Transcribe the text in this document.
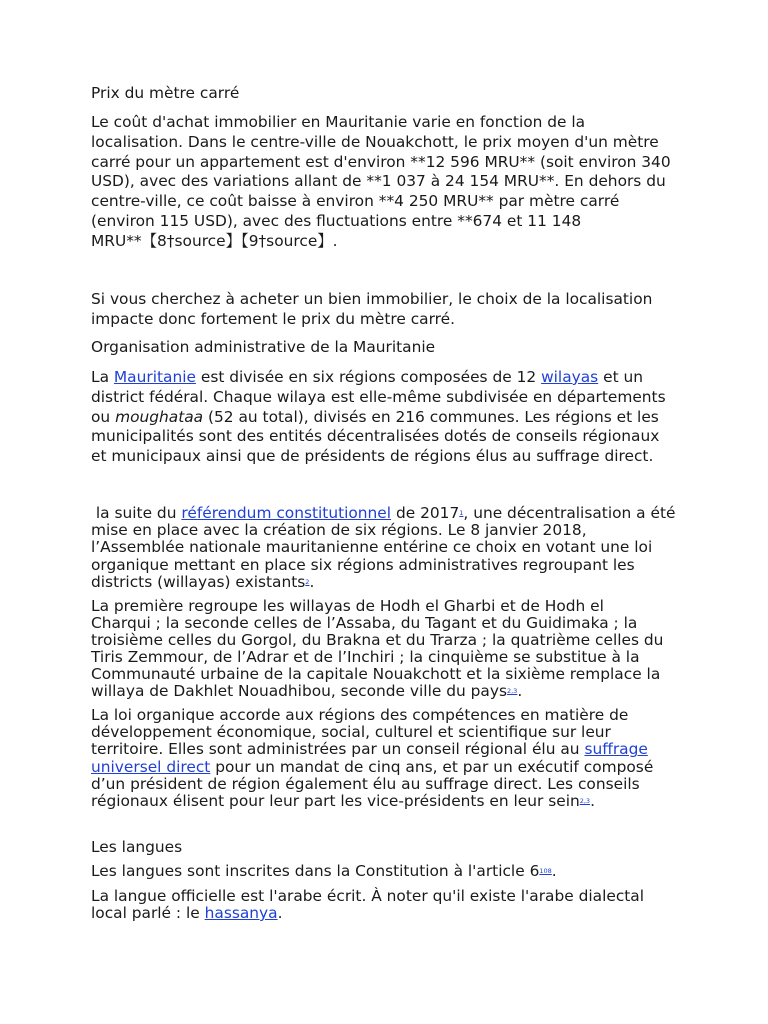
Prix du mètre carré

Le coût d'achat immobilier en Mauritanie varie en fonction de la localisation. Dans le centre-ville de Nouakchott, le prix moyen d'un mètre carré pour un appartement est d'environ **12 596 MRU** (soit environ 340 USD), avec des variations allant de **1 037 à 24 154 MRU**. En dehors du centre-ville, ce coût baisse à environ **4 250 MRU** par mètre carré (environ 115 USD), avec des fluctuations entre **674 et 11 148 MRU**【8†source】【9†source】.

Si vous cherchez à acheter un bien immobilier, le choix de la localisation impacte donc fortement le prix du mètre carré.

Organisation administrative de la Mauritanie

La Mauritanie est divisée en six régions composées de 12 wilayas et un district fédéral. Chaque wilaya est elle-même subdivisée en départements ou moughataa (52 au total), divisés en 216 communes. Les régions et les municipalités sont des entités décentralisées dotés de conseils régionaux et municipaux ainsi que de présidents de régions élus au suffrage direct.

la suite du référendum constitutionnel de 20171, une décentralisation a été mise en place avec la création de six régions. Le 8 janvier 2018, l’Assemblée nationale mauritanienne entérine ce choix en votant une loi organique mettant en place six régions administratives regroupant les districts (willayas) existants2.

La première regroupe les willayas de Hodh el Gharbi et de Hodh el Charqui ; la seconde celles de l’Assaba, du Tagant et du Guidimaka ; la troisième celles du Gorgol, du Brakna et du Trarza ; la quatrième celles du Tiris Zemmour, de l’Adrar et de l’Inchiri ; la cinquième se substitue à la Communauté urbaine de la capitale Nouakchott et la sixième remplace la willaya de Dakhlet Nouadhibou, seconde ville du pays2,3.

La loi organique accorde aux régions des compétences en matière de développement économique, social, culturel et scientifique sur leur territoire. Elles sont administrées par un conseil régional élu au suffrage universel direct pour un mandat de cinq ans, et par un exécutif composé d’un président de région également élu au suffrage direct. Les conseils régionaux élisent pour leur part les vice-présidents en leur sein2,3.

Les langues

Les langues sont inscrites dans la Constitution à l'article 6108.

La langue officielle est l'arabe écrit. À noter qu'il existe l'arabe dialectal local parlé : le hassanya.
